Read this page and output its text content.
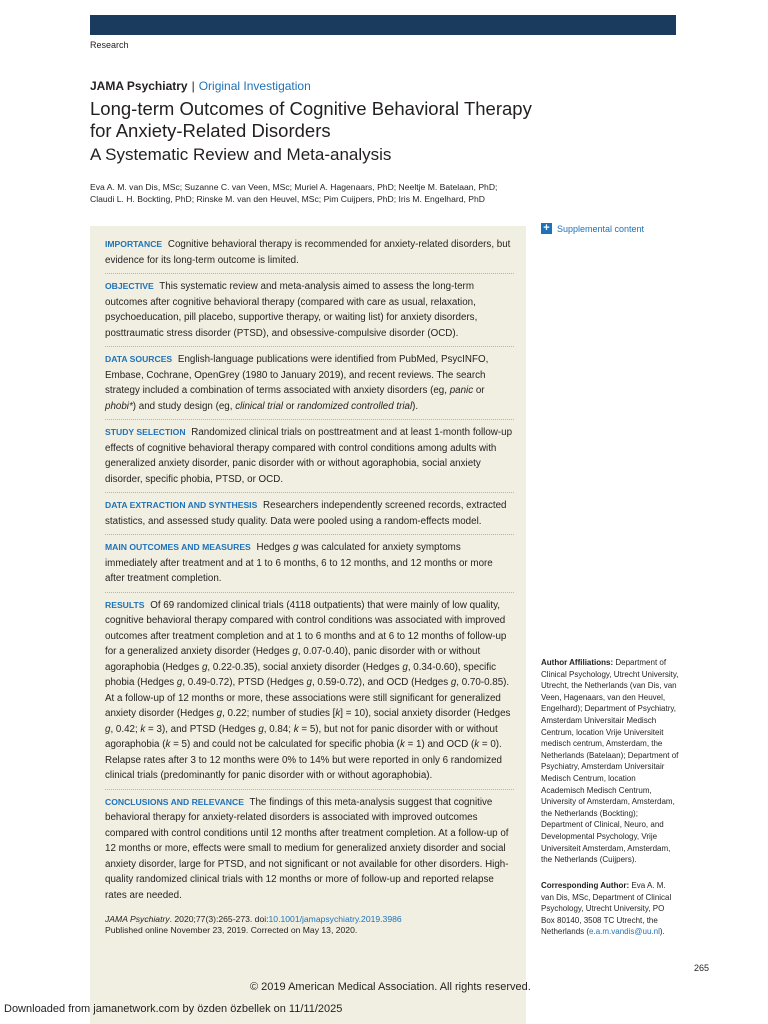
Research
JAMA Psychiatry | Original Investigation
Long-term Outcomes of Cognitive Behavioral Therapy for Anxiety-Related Disorders
A Systematic Review and Meta-analysis
Eva A. M. van Dis, MSc; Suzanne C. van Veen, MSc; Muriel A. Hagenaars, PhD; Neeltje M. Batelaan, PhD; Claudi L. H. Bockting, PhD; Rinske M. van den Heuvel, MSc; Pim Cuijpers, PhD; Iris M. Engelhard, PhD
+ Supplemental content
IMPORTANCE Cognitive behavioral therapy is recommended for anxiety-related disorders, but evidence for its long-term outcome is limited.
OBJECTIVE This systematic review and meta-analysis aimed to assess the long-term outcomes after cognitive behavioral therapy (compared with care as usual, relaxation, psychoeducation, pill placebo, supportive therapy, or waiting list) for anxiety disorders, posttraumatic stress disorder (PTSD), and obsessive-compulsive disorder (OCD).
DATA SOURCES English-language publications were identified from PubMed, PsycINFO, Embase, Cochrane, OpenGrey (1980 to January 2019), and recent reviews. The search strategy included a combination of terms associated with anxiety disorders (eg, panic or phobi*) and study design (eg, clinical trial or randomized controlled trial).
STUDY SELECTION Randomized clinical trials on posttreatment and at least 1-month follow-up effects of cognitive behavioral therapy compared with control conditions among adults with generalized anxiety disorder, panic disorder with or without agoraphobia, social anxiety disorder, specific phobia, PTSD, or OCD.
DATA EXTRACTION AND SYNTHESIS Researchers independently screened records, extracted statistics, and assessed study quality. Data were pooled using a random-effects model.
MAIN OUTCOMES AND MEASURES Hedges g was calculated for anxiety symptoms immediately after treatment and at 1 to 6 months, 6 to 12 months, and 12 months or more after treatment completion.
RESULTS Of 69 randomized clinical trials (4118 outpatients) that were mainly of low quality, cognitive behavioral therapy compared with control conditions was associated with improved outcomes after treatment completion and at 1 to 6 months and at 6 to 12 months of follow-up for a generalized anxiety disorder (Hedges g, 0.07-0.40), panic disorder with or without agoraphobia (Hedges g, 0.22-0.35), social anxiety disorder (Hedges g, 0.34-0.60), specific phobia (Hedges g, 0.49-0.72), PTSD (Hedges g, 0.59-0.72), and OCD (Hedges g, 0.70-0.85). At a follow-up of 12 months or more, these associations were still significant for generalized anxiety disorder (Hedges g, 0.22; number of studies [k] = 10), social anxiety disorder (Hedges g, 0.42; k = 3), and PTSD (Hedges g, 0.84; k = 5), but not for panic disorder with or without agoraphobia (k = 5) and could not be calculated for specific phobia (k = 1) and OCD (k = 0). Relapse rates after 3 to 12 months were 0% to 14% but were reported in only 6 randomized clinical trials (predominantly for panic disorder with or without agoraphobia).
CONCLUSIONS AND RELEVANCE The findings of this meta-analysis suggest that cognitive behavioral therapy for anxiety-related disorders is associated with improved outcomes compared with control conditions until 12 months after treatment completion. At a follow-up of 12 months or more, effects were small to medium for generalized anxiety disorder and social anxiety disorder, large for PTSD, and not significant or not available for other disorders. High-quality randomized clinical trials with 12 months or more of follow-up and reported relapse rates are needed.
JAMA Psychiatry. 2020;77(3):265-273. doi:10.1001/jamapsychiatry.2019.3986
Published online November 23, 2019. Corrected on May 13, 2020.
Author Affiliations: Department of Clinical Psychology, Utrecht University, Utrecht, the Netherlands (van Dis, van Veen, Hagenaars, van den Heuvel, Engelhard); Department of Psychiatry, Amsterdam Universitair Medisch Centrum, location Vrije Universiteit medisch centrum, Amsterdam, the Netherlands (Batelaan); Department of Psychiatry, Amsterdam Universitair Medisch Centrum, location Academisch Medisch Centrum, University of Amsterdam, Amsterdam, the Netherlands (Bockting); Department of Clinical, Neuro, and Developmental Psychology, Vrije Universiteit Amsterdam, Amsterdam, the Netherlands (Cuijpers).
Corresponding Author: Eva A. M. van Dis, MSc, Department of Clinical Psychology, Utrecht University, PO Box 80140, 3508 TC Utrecht, the Netherlands (e.a.m.vandis@uu.nl).
265
© 2019 American Medical Association. All rights reserved.
Downloaded from jamanetwork.com by özden özbellek on 11/11/2025
